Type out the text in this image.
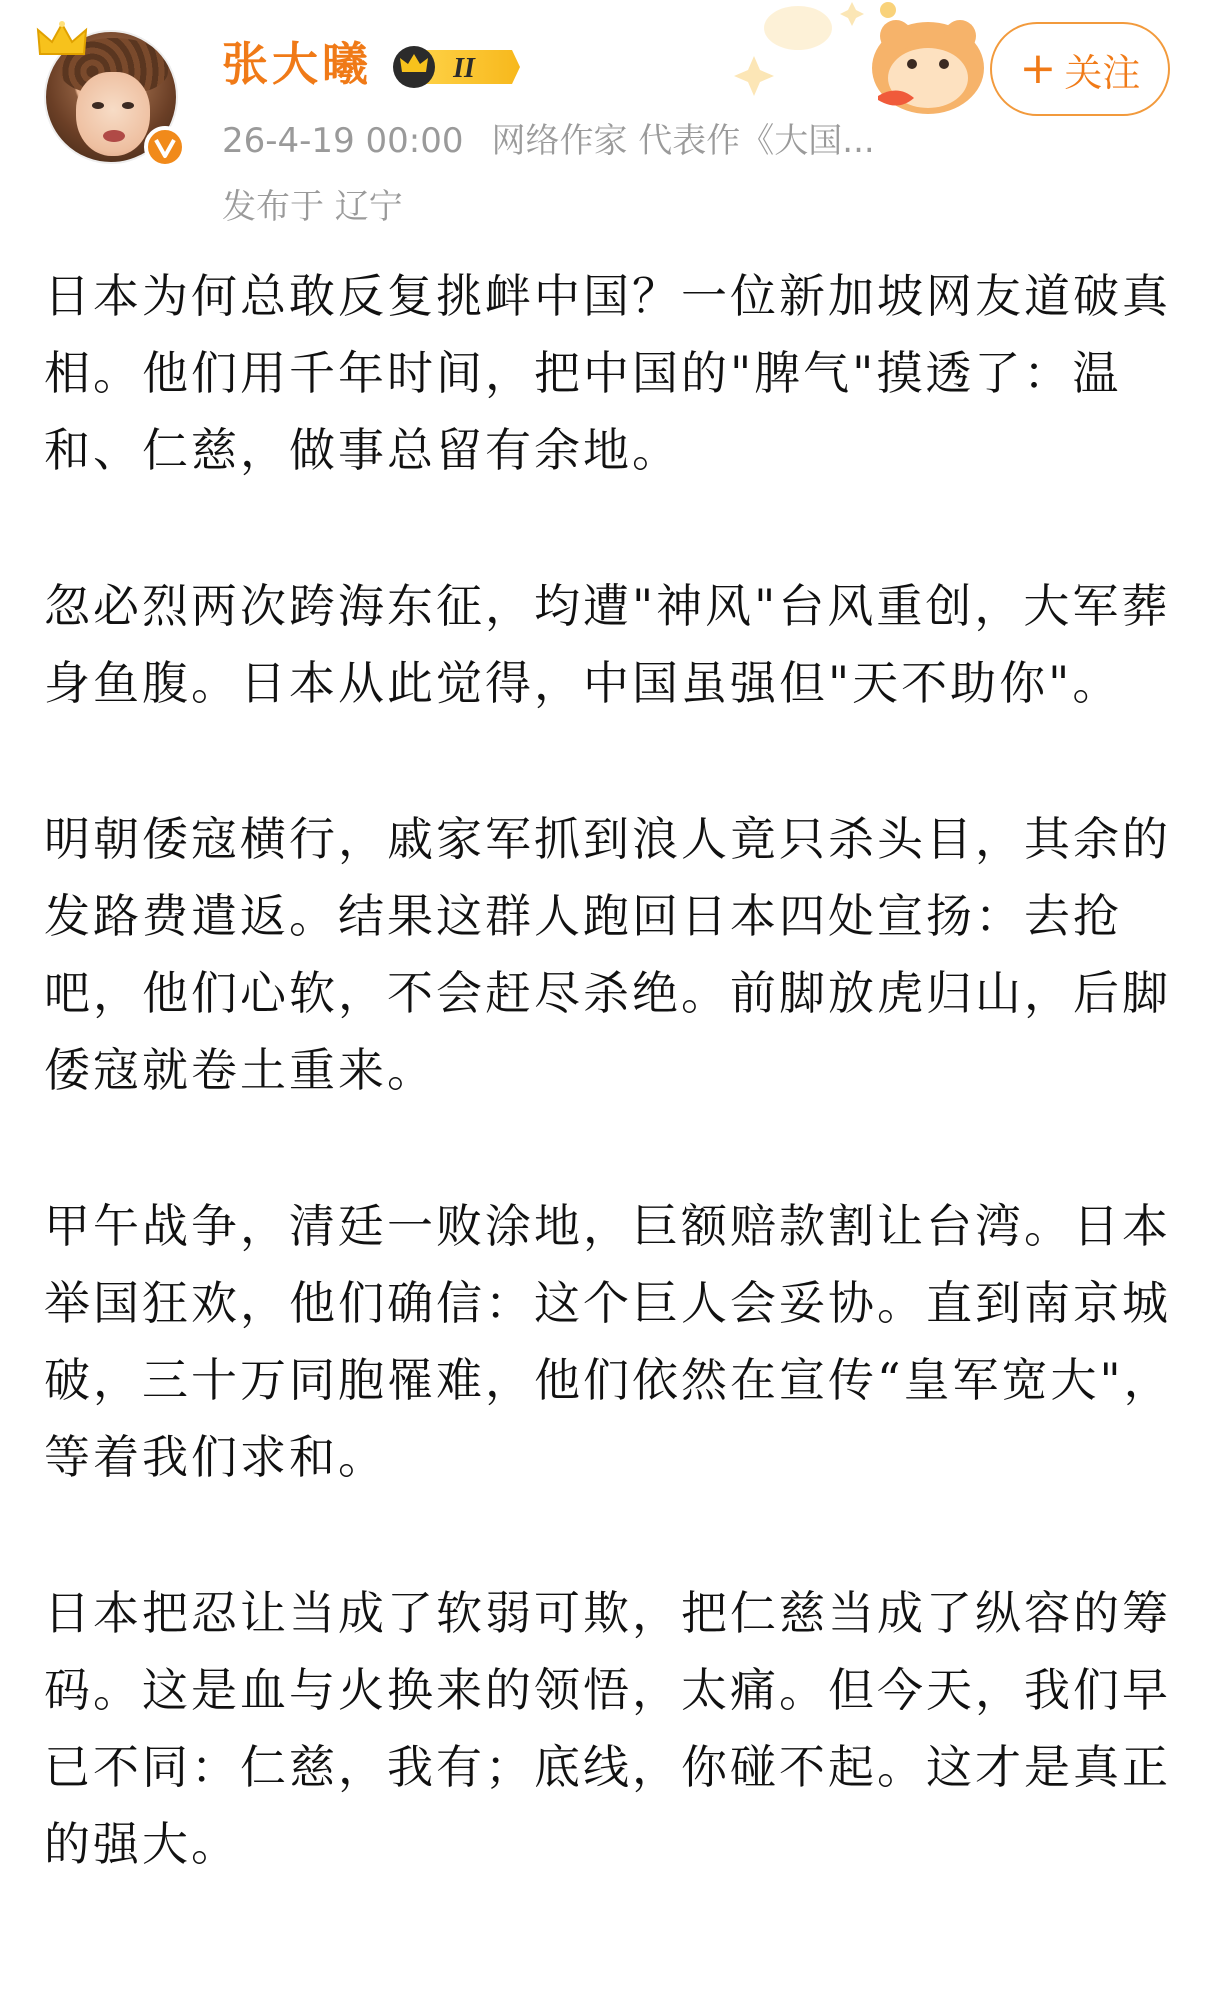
张大曦	II	+ 关注
26-4-19 00:00 网络作家 代表作《大国...
发布于 辽宁

日本为何总敢反复挑衅中国？一位新加坡网友道破真相。他们用千年时间，把中国的"脾气"摸透了：温和、仁慈，做事总留有余地。

忽必烈两次跨海东征，均遭"神风"台风重创，大军葬身鱼腹。日本从此觉得，中国虽强但"天不助你"。

明朝倭寇横行，戚家军抓到浪人竟只杀头目，其余的发路费遣返。结果这群人跑回日本四处宣扬：去抢吧，他们心软，不会赶尽杀绝。前脚放虎归山，后脚倭寇就卷土重来。

甲午战争，清廷一败涂地，巨额赔款割让台湾。日本举国狂欢，他们确信：这个巨人会妥协。直到南京城破，三十万同胞罹难，他们依然在宣传“皇军宽大"，等着我们求和。

日本把忍让当成了软弱可欺，把仁慈当成了纵容的筹码。这是血与火换来的领悟，太痛。但今天，我们早已不同：仁慈，我有；底线，你碰不起。这才是真正的强大。
